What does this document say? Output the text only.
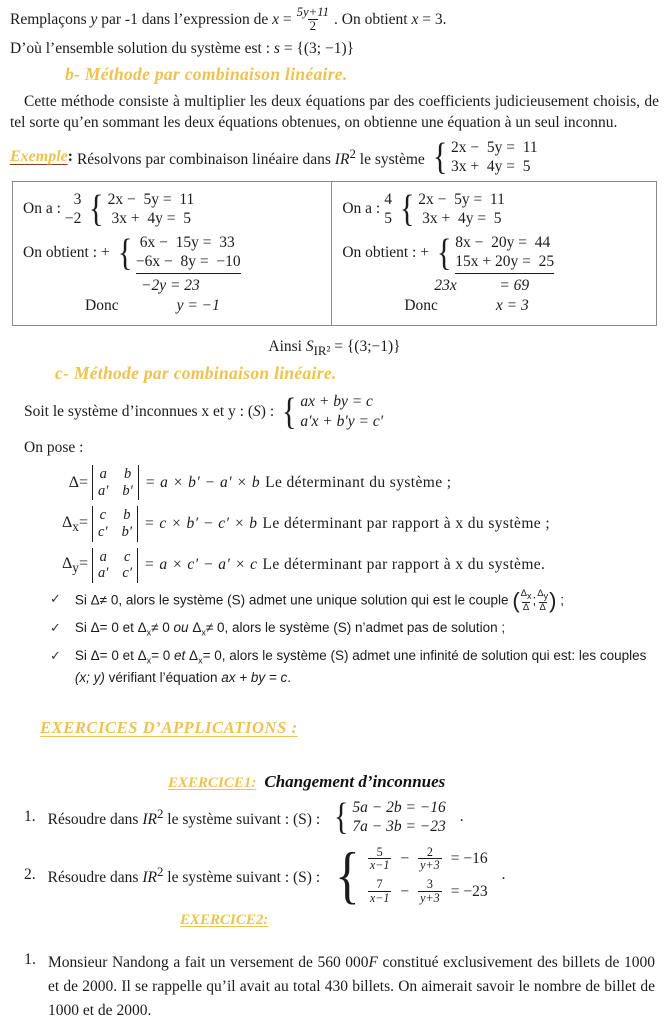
Remplaçons y par -1 dans l’expression de $x = \frac{5y+11}{2}$ . On obtient x = 3.

D’où l’ensemble solution du système est : s = {(3; −1)}

b- Méthode par combinaison linéaire.

Cette méthode consiste à multiplier les deux équations par des coefficients judicieusement choisis, de tel sorte qu’en sommant les deux équations obtenues, on obtienne une équation à un seul inconnu.

Exemple : Résolvons par combinaison linéaire dans $IR^2$ le système { 2x −  5y =  11
3x +  4y =  5
On a :
3
−2 { 2x −  5y =  11
3x +  4y =  5
On obtient : + { 6x −  15y =  33
−6x −  8y =  −10
−2y = 23
Donc	y = −1
On a :
4
5 { 2x −  5y =  11
3x +  4y =  5
On obtient : + { 8x −  20y =  44
15x + 20y =  25
23x           = 69
Donc	x = 3
Ainsi $S_{IR^2}$ = {(3;−1)}
c- Méthode par combinaison linéaire.
Soit le système d’inconnues x et y : (S) : { ax + by = c
a′x + b′y = c′

On pose :

Δ= a b
a′ b′ = a × b′ − a′ × b Le déterminant du système ;
$\Delta_x= c$ b
c′ b′ = c × b′ − c′ × b Le déterminant par rapport à x du système ;
$\Delta_y= a$ c
a′ c′ = a × c′ − a′ × c Le déterminant par rapport à x du système.
✓ Si Δ≠ 0, alors le système (S) admet une unique solution qui est le couple ( $\frac{\Delta_x}{\Delta}$ ; $\frac{\Delta_y}{\Delta}$ ) ;
✓ Si Δ= 0 et $\Delta_x\ne 0$ ou $\Delta_x\ne 0$, alors le système (S) n’admet pas de solution ;
✓ Si Δ= 0 et $\Delta_x= 0$ et $\Delta_x= 0$, alors le système (S) admet une infinité de solution qui est: les couples (x; y) vérifiant l’équation ax + by = c.
EXERCICES D’APPLICATIONS :
EXERCICE1: Changement d’inconnues
1. Résoudre dans $IR^2$ le système suivant : (S) : { 5a − 2b = −16
7a − 3b = −23
.
2. Résoudre dans $IR^2$ le système suivant : (S) : { $\frac{5}{x-1} - \frac{2}{y+3} = -16$
$\frac{7}{x-1} - \frac{3}{y+3} = -23$
.
EXERCICE2:
1. Monsieur Nandong a fait un versement de 560 000F constitué exclusivement des billets de 1000 et de 2000. Il se rappelle qu’il avait au total 430 billets. On aimerait savoir le nombre de billet de 1000 et de 2000.
